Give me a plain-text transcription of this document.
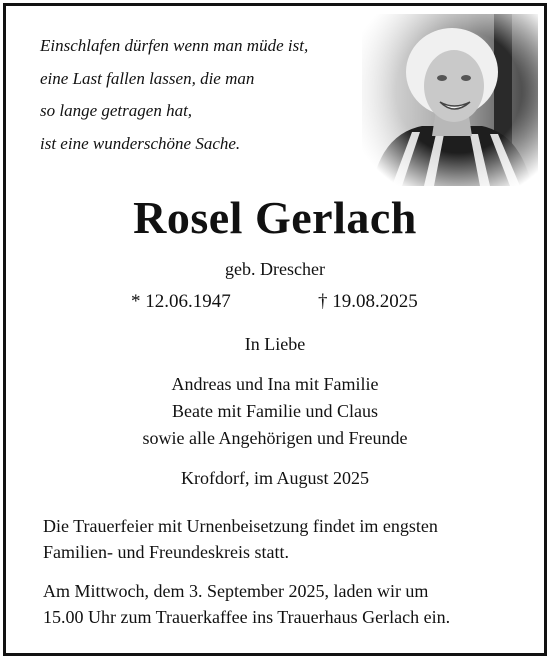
Einschlafen dürfen wenn man müde ist,
eine Last fallen lassen, die man
so lange getragen hat,
ist eine wunderschöne Sache.
Rosel Gerlach
geb. Drescher
* 12.06.1947	† 19.08.2025
In Liebe
Andreas und Ina mit Familie
Beate mit Familie und Claus
sowie alle Angehörigen und Freunde
Krofdorf, im August 2025
Die Trauerfeier mit Urnenbeisetzung findet im engsten
Familien- und Freundeskreis statt.
Am Mittwoch, dem 3. September 2025, laden wir um
15.00 Uhr zum Trauerkaffee ins Trauerhaus Gerlach ein.
